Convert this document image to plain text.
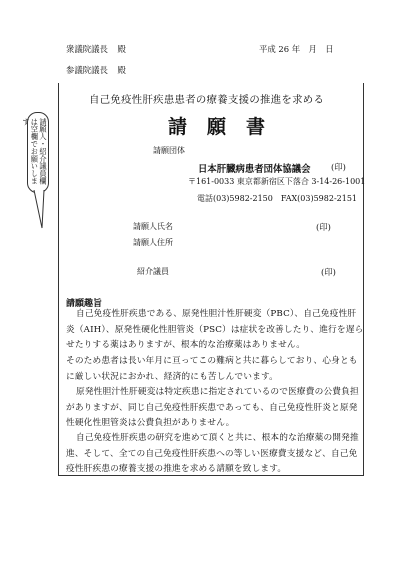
衆議院議長 殿
参議院議長 殿
平成 26 年　月　日
請願人・紹介議員欄は空欄でお願いします
自己免疫性肝疾患患者の療養支援の推進を求める
請願書
請願団体
日本肝臓病患者団体協議会 (印)
〒161-0033 東京都新宿区下落合 3-14-26-1001
電話(03)5982-2150　FAX(03)5982-2151
請願人氏名	(印)
請願人住所
紹介議員	(印)
請願趣旨
自己免疫性肝疾患である、原発性胆汁性肝硬変（PBC）、自己免疫性肝炎（AIH）、原発性硬化性胆管炎（PSC）は症状を改善したり、進行を遅らせたりする薬はありますが、根本的な治療薬はありません。
そのため患者は長い年月に亘ってこの難病と共に暮らしており、心身ともに厳しい状況におかれ、経済的にも苦しんでいます。
原発性胆汁性肝硬変は特定疾患に指定されているので医療費の公費負担がありますが、同じ自己免疫性肝疾患であっても、自己免疫性肝炎と原発性硬化性胆管炎は公費負担がありません。
自己免疫性肝疾患の研究を進めて頂くと共に、根本的な治療薬の開発推進、そして、全ての自己免疫性肝疾患への等しい医療費支援など、自己免疫性肝疾患の療養支援の推進を求める請願を致します。
